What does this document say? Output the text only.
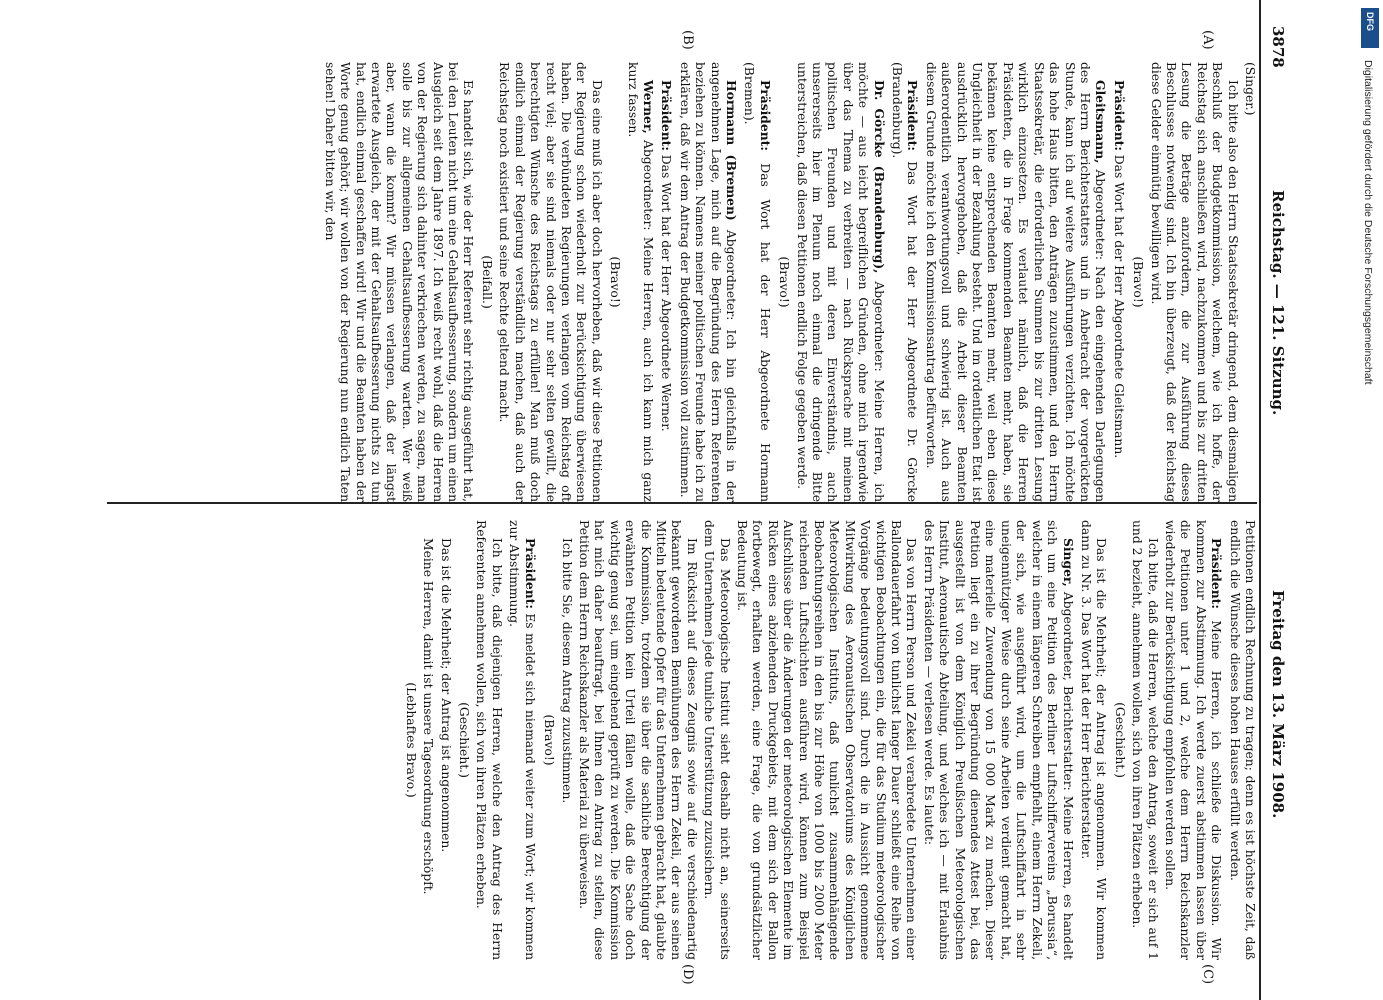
3878
Reichstag. — 121. Sitzung.
Freitag den 13. März 1908.
(A)
(B)
(C)
(D)

(Singer.)

Ich bitte also den Herrn Staatssekretär dringend, dem diesmaligen Beschluß der Budgetkommission, welchem, wie ich hoffe, der Reichstag sich anschließen wird, nachzukommen und bis zur dritten Lesung die Beträge anzufordern, die zur Ausführung dieses Beschlusses notwendig sind. Ich bin überzeugt, daß der Reichstag diese Gelder einmütig bewilligen wird.

(Bravo!)

Präsident: Das Wort hat der Herr Abgeordnete Gleitsmann.

Gleitsmann, Abgeordneter: Nach den eingehenden Darlegungen des Herrn Berichterstatters und in Anbetracht der vorgerückten Stunde, kann ich auf weitere Ausführungen verzichten. Ich möchte das hohe Haus bitten, den Anträgen zuzustimmen, und den Herrn Staatssekretär, die erforderlichen Summen bis zur dritten Lesung wirklich einzusetzen. Es verlautet nämlich, daß die Herren Präsidenten, die in Frage kommenden Beamten mehr, haben, sie bekämen keine entsprechenden Beamten mehr, weil eben diese Ungleichheit in der Bezahlung besteht. Und im ordentlichen Etat ist ausdrücklich hervorgehoben, daß die Arbeit dieser Beamten außerordentlich verantwortungsvoll und schwierig ist. Auch aus diesem Grunde möchte ich den Kommissionsantrag befürworten.

Präsident: Das Wort hat der Herr Abgeordnete Dr. Görcke (Brandenburg).

Dr. Görcke (Brandenburg), Abgeordneter: Meine Herren, ich möchte — aus leicht begreiflichen Gründen, ohne mich irgendwie über das Thema zu verbreiten — nach Rücksprache mit meinen politischen Freunden und mit deren Einverständnis, auch unsererseits hier im Plenum noch einmal die dringende Bitte unterstreichen, daß diesen Petitionen endlich Folge gegeben werde.

(Bravo!)

Präsident: Das Wort hat der Herr Abgeordnete Hormann (Bremen).

Hormann (Bremen) Abgeordneter: Ich bin gleichfalls in der angenehmen Lage, mich auf die Begründung des Herrn Referenten beziehen zu können. Namens meiner politischen Freunde habe ich zu erklären, daß wir dem Antrag der Budgetkommission voll zustimmen.

Präsident: Das Wort hat der Herr Abgeordnete Werner.

Werner, Abgeordneter: Meine Herren, auch ich kann mich ganz kurz fassen.

(Bravo!)

Das eine muß ich aber doch hervorheben, daß wir diese Petitionen der Regierung schon wiederholt zur Berücksichtigung überwiesen haben. Die verbündeten Regierungen verlangen vom Reichstag oft recht viel; aber sie sind niemals oder nur sehr selten gewillt, die berechtigten Wünsche des Reichstags zu erfüllen! Man muß doch endlich einmal der Regierung verständlich machen, daß auch der Reichstag noch existiert und seine Rechte geltend macht.

(Beifall.)

Es handelt sich, wie der Herr Referent sehr richtig ausgeführt hat, bei den Leuten nicht um eine Gehaltsaufbesserung, sondern um einen Ausgleich seit dem Jahre 1897. Ich weiß recht wohl, daß die Herren von der Regierung sich dahinter verkriechen werden, zu sagen, man solle bis zur allgemeinen Gehaltsaufbesserung warten. Wer weiß aber, wann die kommt? Wir müssen verlangen, daß der längst erwartete Ausgleich, der mit der Gehaltsaufbesserung nichts zu tun hat, endlich einmal geschaffen wird! Wir und die Beamten haben der Worte genug gehört; wir wollen von der Regierung nun endlich Taten sehen! Daher bitten wir, den

Petitionen endlich Rechnung zu tragen; denn es ist höchste Zeit, daß endlich die Wünsche dieses hohen Hauses erfüllt werden.

Präsident: Meine Herren, ich schließe die Diskussion. Wir kommen zur Abstimmung. Ich werde zuerst abstimmen lassen über die Petitionen unter 1 und 2, welche dem Herrn Reichskanzler wiederholt zur Berücksichtigung empfohlen werden sollen.

Ich bitte, daß die Herren, welche den Antrag, soweit er sich auf 1 und 2 bezieht, annehmen wollen, sich von ihren Plätzen erheben.

(Geschieht.)

Das ist die Mehrheit; der Antrag ist angenommen. Wir kommen dann zu Nr. 3. Das Wort hat der Herr Berichterstatter.

Singer, Abgeordneter, Berichterstatter: Meine Herren, es handelt sich um eine Petition des Berliner Luftschiffervereins „Borussia“, welcher in einem längeren Schreiben empfiehlt, einem Herrn Zekeli, der sich, wie ausgeführt wird, um die Luftschiffahrt in sehr uneigennütziger Weise durch seine Arbeiten verdient gemacht hat, eine materielle Zuwendung von 15 000 Mark zu machen. Dieser Petition liegt ein zu ihrer Begründung dienendes Attest bei, das ausgestellt ist von dem Königlich Preußischen Meteorologischen Institut, Aeronautische Abteilung, und welches ich — mit Erlaubnis des Herrn Präsidenten — verlesen werde. Es lautet:

Das von Herrn Person und Zekeli verabredete Unternehmen einer Ballondauerfahrt von tunlichst langer Dauer schließt eine Reihe von wichtigen Beobachtungen ein, die für das Studium meteorologischer Vorgänge bedeutungsvoll sind. Durch die in Aussicht genommene Mitwirkung des Aeronautischen Observatoriums des Königlichen Meteorologischen Instituts, daß tunlichst zusammenhängende Beobachtungsreihen in den bis zur Höhe von 1000 bis 2000 Meter reichenden Luftschichten ausführen wird, können zum Beispiel Aufschlüsse über die Änderungen der meteorologischen Elemente im Rücken eines abziehenden Druckgebiets, mit dem sich der Ballon fortbewegt, erhalten werden, eine Frage, die von grundsätzlicher Bedeutung ist.

Das Meteorologische Institut sieht deshalb nicht an, seinerseits dem Unternehmen jede tunliche Unterstützung zuzusichern.

Im Rücksicht auf dieses Zeugnis sowie auf die verschiedenartig bekannt gewordenen Bemühungen des Herrn Zekeli, der aus seinen Mitteln bedeutende Opfer für das Unternehmen gebracht hat, glaubte die Kommission, trotzdem sie über die sachliche Berechtigung der erwähnten Petition kein Urteil fällen wolle, daß die Sache doch wichtig genug sei, um eingehend geprüft zu werden. Die Kommission hat mich daher beauftragt, bei Ihnen den Antrag zu stellen, diese Petition dem Herrn Reichskanzler als Material zu überweisen.

Ich bitte Sie, diesem Antrag zuzustimmen.

(Bravo!)

Präsident: Es meldet sich niemand weiter zum Wort; wir kommen zur Abstimmung.

Ich bitte, daß diejenigen Herren, welche den Antrag des Herrn Referenten annehmen wollen, sich von ihren Plätzen erheben.

(Geschieht.)

Das ist die Mehrheit; der Antrag ist angenommen.

Meine Herren, damit ist unsere Tagesordnung erschöpft.

(Lebhaftes Bravo.)

DFG
Digitalisierung gefördert durch die Deutsche Forschungsgemeinschaft
